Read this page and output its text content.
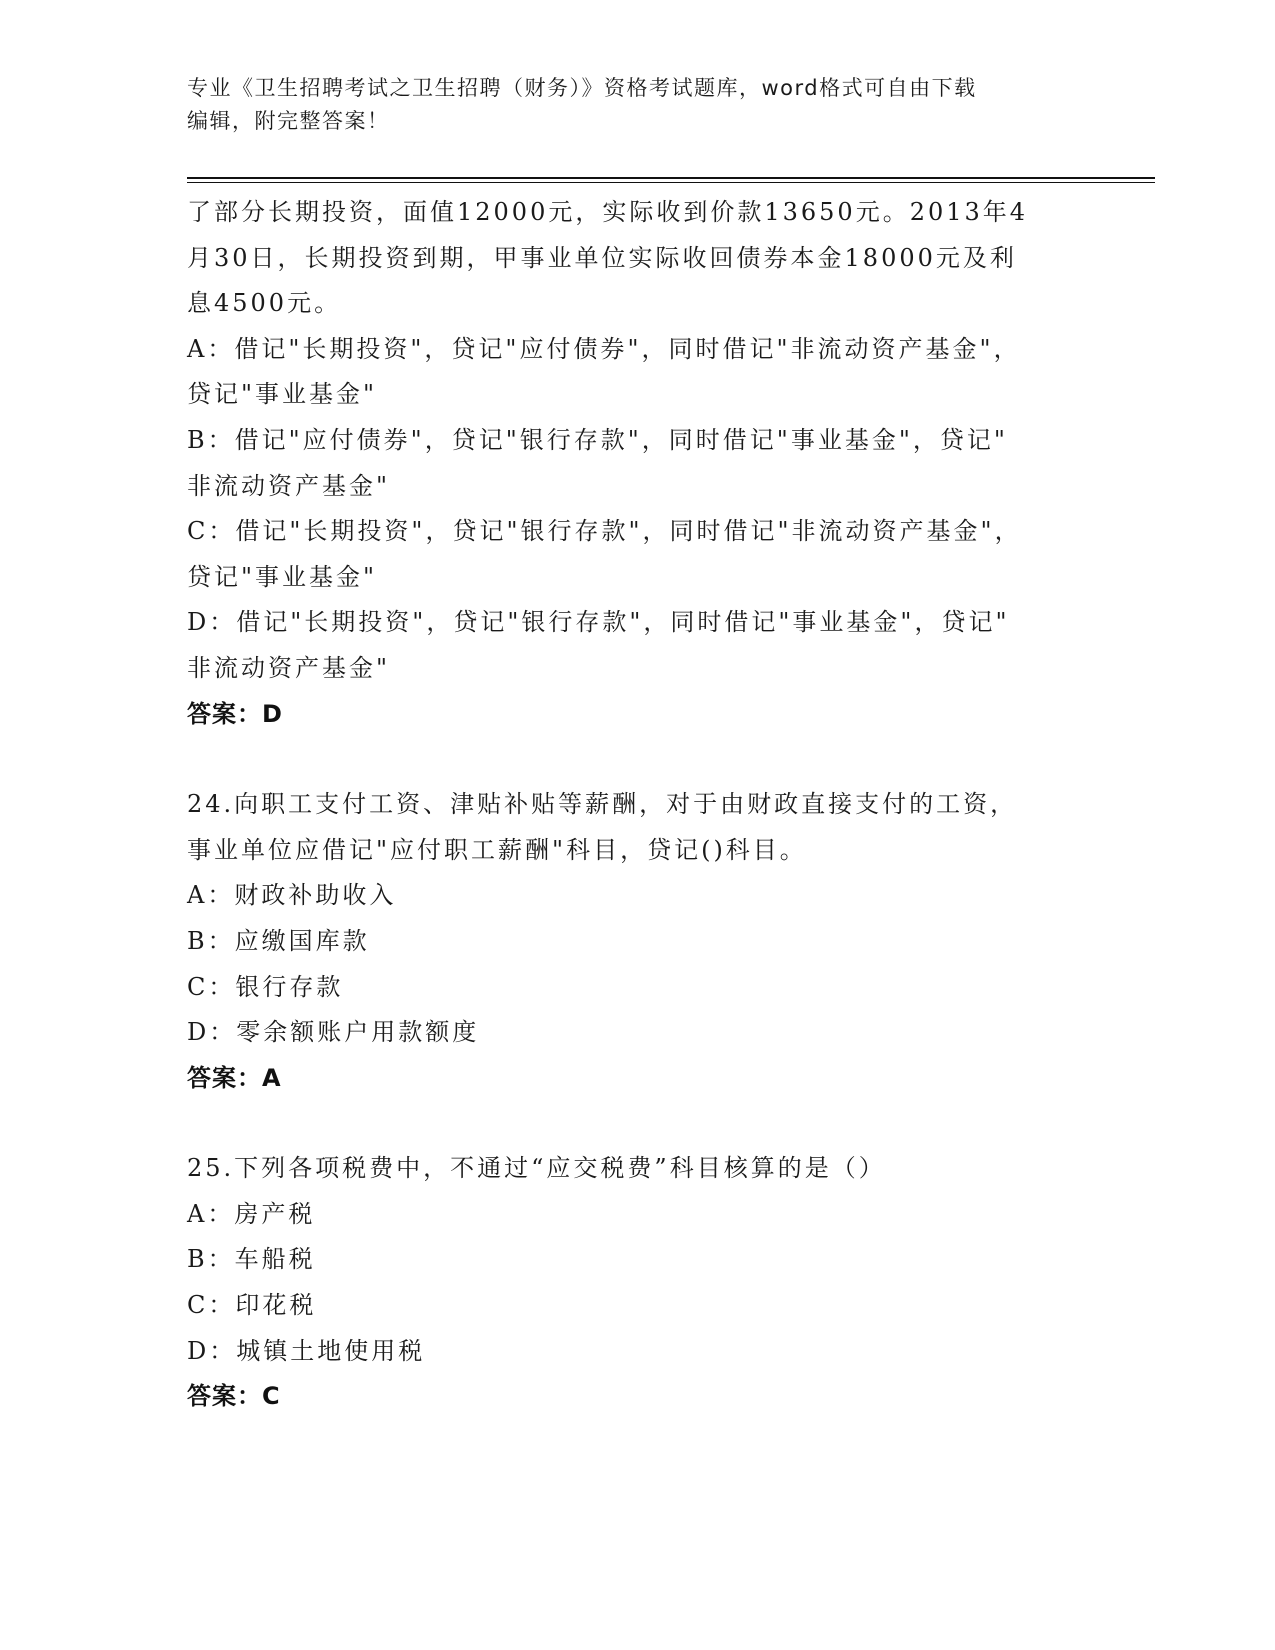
专业《卫生招聘考试之卫生招聘（财务）》资格考试题库，word格式可自由下载
编辑，附完整答案！
了部分长期投资，面值12000元，实际收到价款13650元。2013年4
月30日，长期投资到期，甲事业单位实际收回债券本金18000元及利
息4500元。
A：借记"长期投资"，贷记"应付债券"，同时借记"非流动资产基金"，
贷记"事业基金"
B：借记"应付债券"，贷记"银行存款"，同时借记"事业基金"，贷记"
非流动资产基金"
C：借记"长期投资"，贷记"银行存款"，同时借记"非流动资产基金"，
贷记"事业基金"
D：借记"长期投资"，贷记"银行存款"，同时借记"事业基金"，贷记"
非流动资产基金"
答案：D
24.向职工支付工资、津贴补贴等薪酬，对于由财政直接支付的工资，
事业单位应借记"应付职工薪酬"科目，贷记()科目。
A：财政补助收入
B：应缴国库款
C：银行存款
D：零余额账户用款额度
答案：A
25.下列各项税费中，不通过“应交税费”科目核算的是（）
A：房产税
B：车船税
C：印花税
D：城镇土地使用税
答案：C
